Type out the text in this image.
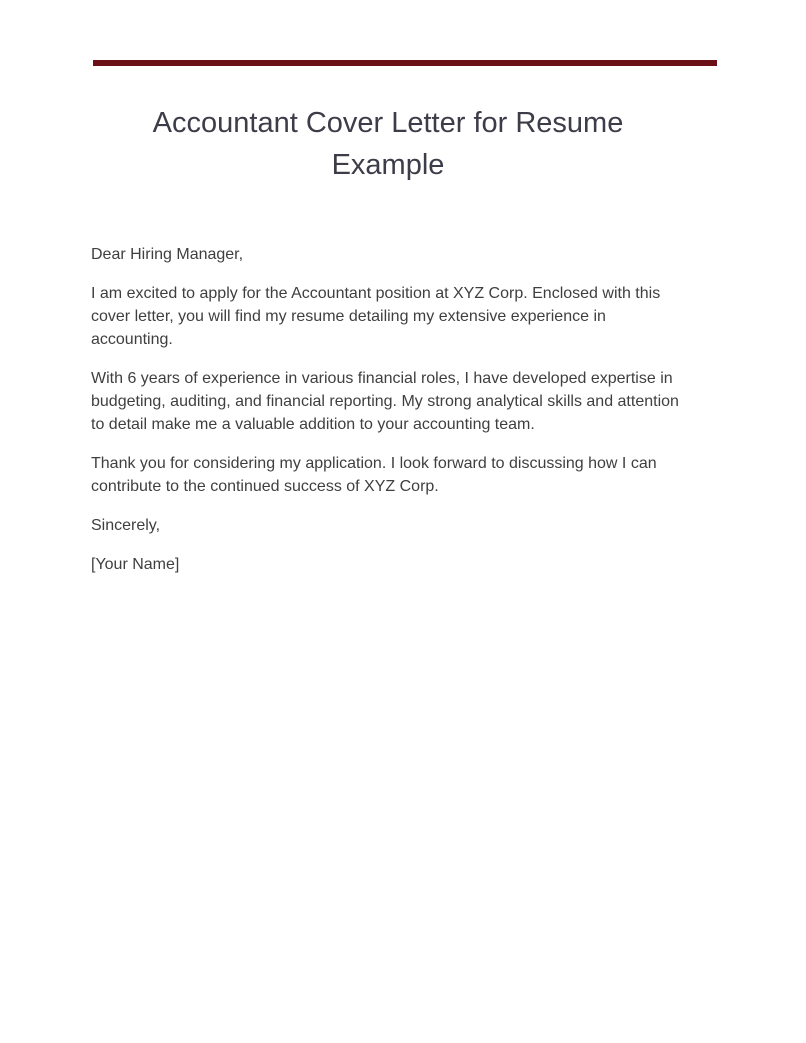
Accountant Cover Letter for Resume Example

Dear Hiring Manager,

I am excited to apply for the Accountant position at XYZ Corp. Enclosed with this cover letter, you will find my resume detailing my extensive experience in accounting.

With 6 years of experience in various financial roles, I have developed expertise in budgeting, auditing, and financial reporting. My strong analytical skills and attention to detail make me a valuable addition to your accounting team.

Thank you for considering my application. I look forward to discussing how I can contribute to the continued success of XYZ Corp.

Sincerely,

[Your Name]
